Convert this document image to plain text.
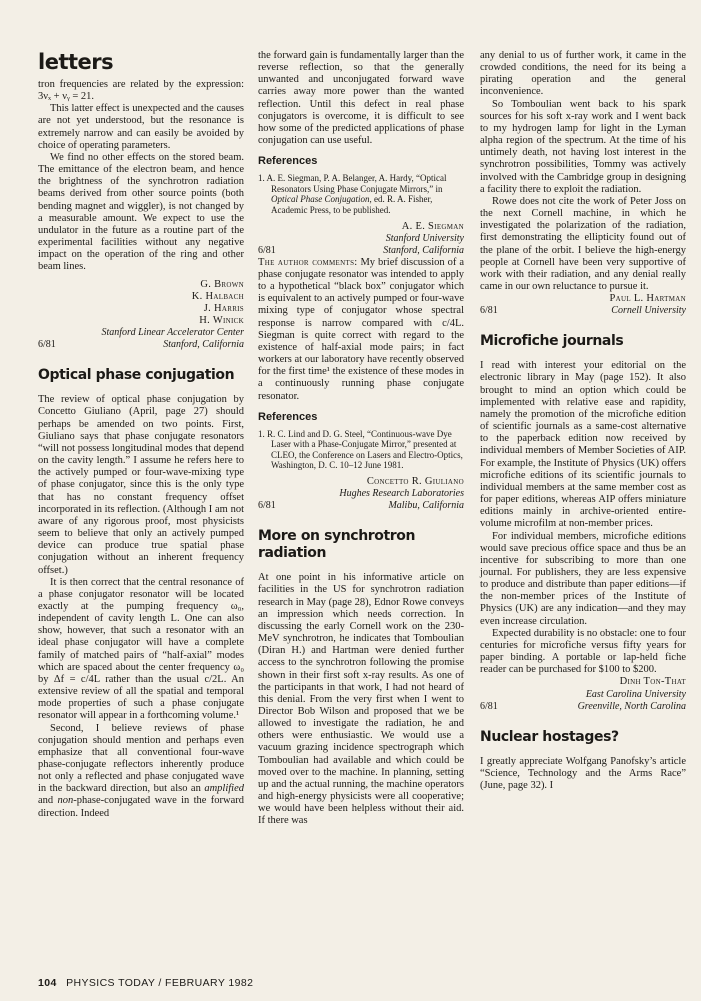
letters

tron frequencies are related by the expression: 3νₓ + νᵧ = 21.

This latter effect is unexpected and the causes are not yet understood, but the resonance is extremely narrow and can easily be avoided by choice of operating parameters.

We find no other effects on the stored beam. The emittance of the electron beam, and hence the brightness of the synchrotron radiation beams derived from other source points (both bending magnet and wiggler), is not changed by a measurable amount. We expect to use the undulator in the future as a routine part of the experimental facilities without any negative impact on the operation of the ring and other beam lines.

G. Brown
K. Halbach
J. Harris
H. Winick
Stanford Linear Accelerator Center
6/81	Stanford, California
Optical phase conjugation

The review of optical phase conjugation by Concetto Giuliano (April, page 27) should perhaps be amended on two points. First, Giuliano says that phase conjugate resonators “will not possess longitudinal modes that depend on the cavity length.” I assume he refers here to the actively pumped or four-wave-mixing type of phase conjugator, since this is the only type that has no constant frequency offset incorporated in its reflection. (Although I am not aware of any rigorous proof, most physicists seem to believe that only an actively pumped device can produce true spatial phase conjugation without an inherent frequency offset.)

It is then correct that the central resonance of a phase conjugator resonator will be located exactly at the pumping frequency ω₀, independent of cavity length L. One can also show, however, that such a resonator with an ideal phase conjugator will have a complete family of matched pairs of “half-axial” modes which are spaced about the center frequency ω₀ by Δf = c/4L rather than the usual c/2L. An extensive review of all the spatial and temporal mode properties of such a phase conjugate resonator will appear in a forthcoming volume.¹

Second, I believe reviews of phase conjugation should mention and perhaps even emphasize that all conventional four-wave phase-conjugate reflectors inherently produce not only a reflected and phase conjugated wave in the backward direction, but also an amplified and non-phase-conjugated wave in the forward direction. Indeed

the forward gain is fundamentally larger than the reverse reflection, so that the generally unwanted and unconjugated forward wave carries away more power than the wanted reflection. Until this defect in real phase conjugators is overcome, it is difficult to see how some of the predicted applications of phase conjugation can use useful.

References
1. A. E. Siegman, P. A. Belanger, A. Hardy, “Optical Resonators Using Phase Conjugate Mirrors,” in Optical Phase Conjugation, ed. R. A. Fisher, Academic Press, to be published.
A. E. Siegman
Stanford University
6/81	Stanford, California

The author comments: My brief discussion of a phase conjugate resonator was intended to apply to a hypothetical “black box” conjugator which is equivalent to an actively pumped or four-wave mixing type of conjugator whose spectral response is narrow compared with c/4L. Siegman is quite correct with regard to the existence of half-axial mode pairs; in fact workers at our laboratory have recently observed for the first time¹ the existence of these modes in a continuously running phase conjugate resonator.

References
1. R. C. Lind and D. G. Steel, “Continuous-wave Dye Laser with a Phase-Conjugate Mirror,” presented at CLEO, the Conference on Lasers and Electro-Optics, Washington, D. C. 10–12 June 1981.
Concetto R. Giuliano
Hughes Research Laboratories
6/81	Malibu, California
More on synchrotron radiation

At one point in his informative article on facilities in the US for synchrotron radiation research in May (page 28), Ednor Rowe conveys an impression which needs correction. In discussing the early Cornell work on the 230-MeV synchrotron, he indicates that Tomboulian (Diran H.) and Hartman were denied further access to the synchrotron following the promise shown in their first soft x-ray results. As one of the participants in that work, I had not heard of this denial. From the very first when I went to Director Bob Wilson and proposed that we be allowed to investigate the radiation, he and others were enthusiastic. We would use a vacuum grazing incidence spectrograph which Tomboulian had available and which could be moved over to the machine. In planning, setting up and the actual running, the machine operators and high-energy physicists were all cooperative; we would have been helpless without their aid. If there was

any denial to us of further work, it came in the crowded conditions, the need for its being a pirating operation and the general inconvenience.

So Tomboulian went back to his spark sources for his soft x-ray work and I went back to my hydrogen lamp for light in the Lyman alpha region of the spectrum. At the time of his untimely death, not having lost interest in the synchrotron possibilities, Tommy was actively involved with the Cambridge group in designing a facility there to exploit the radiation.

Rowe does not cite the work of Peter Joss on the next Cornell machine, in which he investigated the polarization of the radiation, first demonstrating the ellipticity found out of the plane of the orbit. I believe the high-energy people at Cornell have been very supportive of work with their radiation, and any denial really came in our own reluctance to pursue it.

Paul L. Hartman
6/81	Cornell University
Microfiche journals

I read with interest your editorial on the electronic library in May (page 152). It also brought to mind an option which could be implemented with relative ease and rapidity, namely the promotion of the microfiche edition of scientific journals as a same-cost alternative to the paperback edition now received by individual members of Member Societies of AIP. For example, the Institute of Physics (UK) offers microfiche editions of its scientific journals to individual members at the same member cost as for paper editions, whereas AIP offers miniature editions mainly in archive-oriented entire-volume microfilm at non-member prices.

For individual members, microfiche editions would save precious office space and thus be an incentive for subscribing to more than one journal. For publishers, they are less expensive to produce and distribute than paper editions—if the non-member prices of the Institute of Physics (UK) are any indication—and they may even increase circulation.

Expected durability is no obstacle: one to four centuries for microfiche versus fifty years for paper binding. A portable or lap-held fiche reader can be purchased for $100 to $200.

Dinh Ton-That
East Carolina University
6/81	Greenville, North Carolina
Nuclear hostages?

I greatly appreciate Wolfgang Panofsky’s article “Science, Technology and the Arms Race” (June, page 32). I

104 PHYSICS TODAY / FEBRUARY 1982
